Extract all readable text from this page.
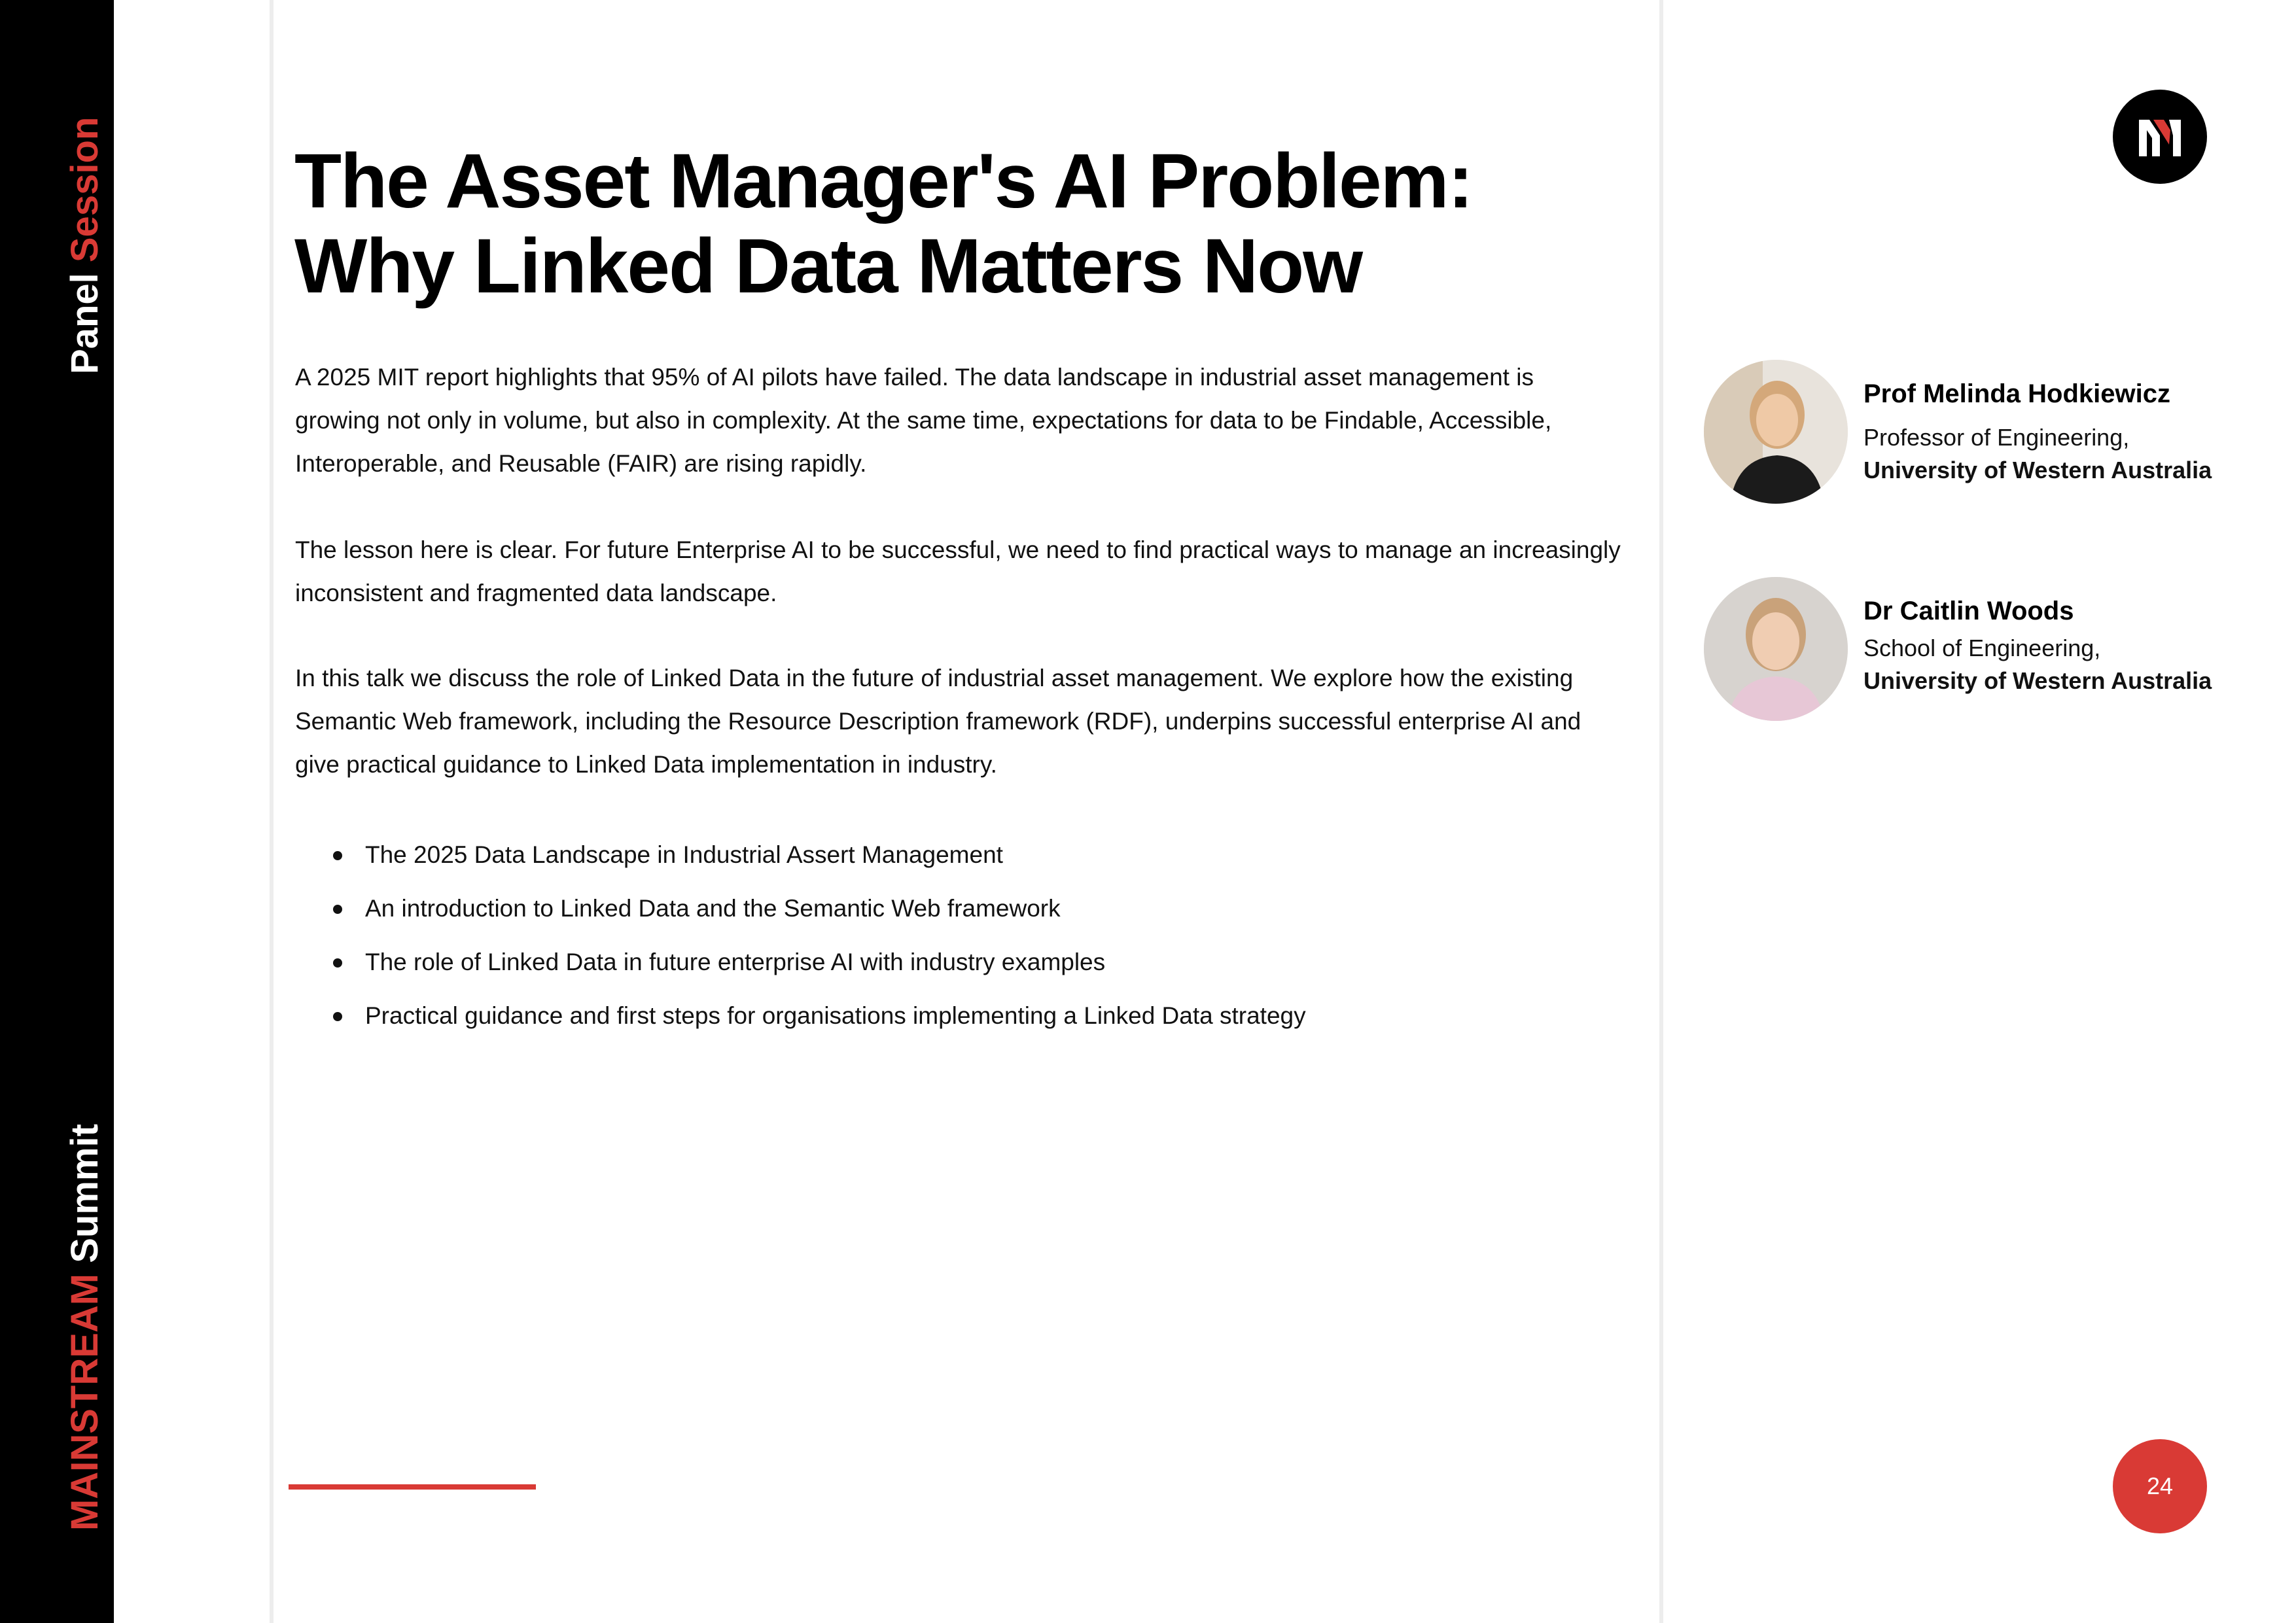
Panel Session
MAINSTREAM Summit
The Asset Manager's AI Problem:
Why Linked Data Matters Now

A 2025 MIT report highlights that 95% of AI pilots have failed. The data landscape in industrial asset management is growing not only in volume, but also in complexity. At the same time, expectations for data to be Findable, Accessible, Interoperable, and Reusable (FAIR) are rising rapidly.

The lesson here is clear. For future Enterprise AI to be successful, we need to find practical ways to manage an increasingly inconsistent and fragmented data landscape.

In this talk we discuss the role of Linked Data in the future of industrial asset management. We explore how the existing Semantic Web framework, including the Resource Description framework (RDF), underpins successful enterprise AI and give practical guidance to Linked Data implementation in industry.

The 2025 Data Landscape in Industrial Assert Management
An introduction to Linked Data and the Semantic Web framework
The role of Linked Data in future enterprise AI with industry examples
Practical guidance and first steps for organisations implementing a Linked Data strategy
Prof Melinda Hodkiewicz
Professor of Engineering,
University of Western Australia
Dr Caitlin Woods
School of Engineering,
University of Western Australia
24
